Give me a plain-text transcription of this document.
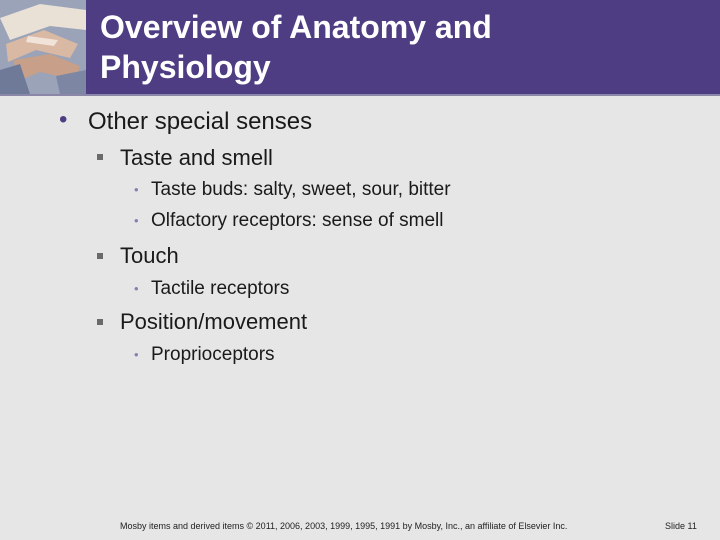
Overview of Anatomy and
Physiology
• Other special senses
Taste and smell
• Taste buds: salty, sweet, sour, bitter
• Olfactory receptors: sense of smell
Touch
• Tactile receptors
Position/movement
• Proprioceptors
Mosby items and derived items © 2011, 2006, 2003, 1999, 1995, 1991 by Mosby, Inc., an affiliate of Elsevier Inc.	Slide 11
